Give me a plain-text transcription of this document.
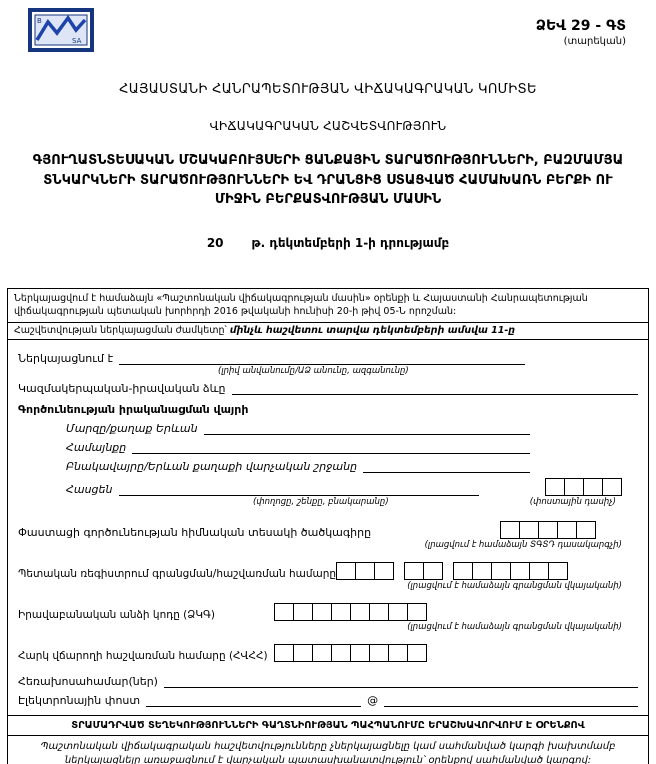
B
SA
ՁԵՎ 29 - ԳՏ
(տարեկան)
ՀԱՅԱՍՏԱՆԻ ՀԱՆՐԱՊԵՏՈՒԹՅԱՆ ՎԻՃԱԿԱԳՐԱԿԱՆ ԿՈՄԻՏԵ
ՎԻՃԱԿԱԳՐԱԿԱՆ ՀԱՇՎԵՏՎՈՒԹՅՈՒՆ
ԳՅՈՒՂԱՏՆՏԵՍԱԿԱՆ ՄՇԱԿԱԲՈՒՅՍԵՐԻ ՑԱՆՔԱՅԻՆ ՏԱՐԱԾՈՒԹՅՈՒՆՆԵՐԻ, ԲԱԶՄԱՄՅԱ ՏՆԿԱՐԿՆԵՐԻ ՏԱՐԱԾՈՒԹՅՈՒՆՆԵՐԻ ԵՎ ԴՐԱՆՑԻՑ ՍՏԱՑՎԱԾ ՀԱՄԱԽԱՌՆ ԲԵՐՔԻ ՈՒ ՄԻՋԻՆ ԲԵՐՔԱՏՎՈՒԹՅԱՆ ՄԱՍԻՆ
20 թ. դեկտեմբերի 1-ի դրությամբ
Ներկայացվում է համաձայն «Պաշտոնական վիճակագրության մասին» օրենքի և Հայաստանի Հանրապետության վիճակագրության պետական խորհրդի 2016 թվականի հունիսի 20-ի թիվ 05-Ն որոշման:
Հաշվետվության ներկայացման ժամկետը՝ մինչև հաշվետու տարվա դեկտեմբերի ամսվա 11-ը
Ներկայացնում է
(լրիվ անվանումը/ԱՁ անունը, ազգանունը)
Կազմակերպական-իրավական ձևը
Գործունեության իրականացման վայրի
Մարզը/քաղաք Երևան
Համայնքը
Բնակավայրը/Երևան քաղաքի վարչական շրջանը
Հասցեն
(փողոցը, շենքը, բնակարանը)	(փոստային դասիչ)
Փաստացի գործունեության հիմնական տեսակի ծածկագիրը
(լրացվում է համաձայն ՏԳՏԴ դասակարգչի)
Պետական ռեգիստրում գրանցման/հաշվառման համարը
(լրացվում է համաձայն գրանցման վկայականի)
Իրավաբանական անձի կոդը (ՁԿԳ)
(լրացվում է համաձայն գրանցման վկայականի)
Հարկ վճարողի հաշվառման համարը (ՀՎՀՀ)
Հեռախոսահամար(ներ)
Էլեկտրոնային փոստ	@
ՏՐԱՄԱԴՐՎԱԾ ՏԵՂԵԿՈՒԹՅՈՒՆՆԵՐԻ ԳԱՂՏՆԻՈՒԹՅԱՆ ՊԱՀՊԱՆՈՒՄԸ ԵՐԱՇԽԱՎՈՐՎՈՒՄ Է ՕՐԵՆՔՈՎ
Պաշտոնական վիճակագրական հաշվետվությունները չներկայացնելը կամ սահմանված կարգի խախտմամբ ներկայացնելը առաջացնում է վարչական պատասխանատվություն՝ օրենքով սահմանված կարգով:
